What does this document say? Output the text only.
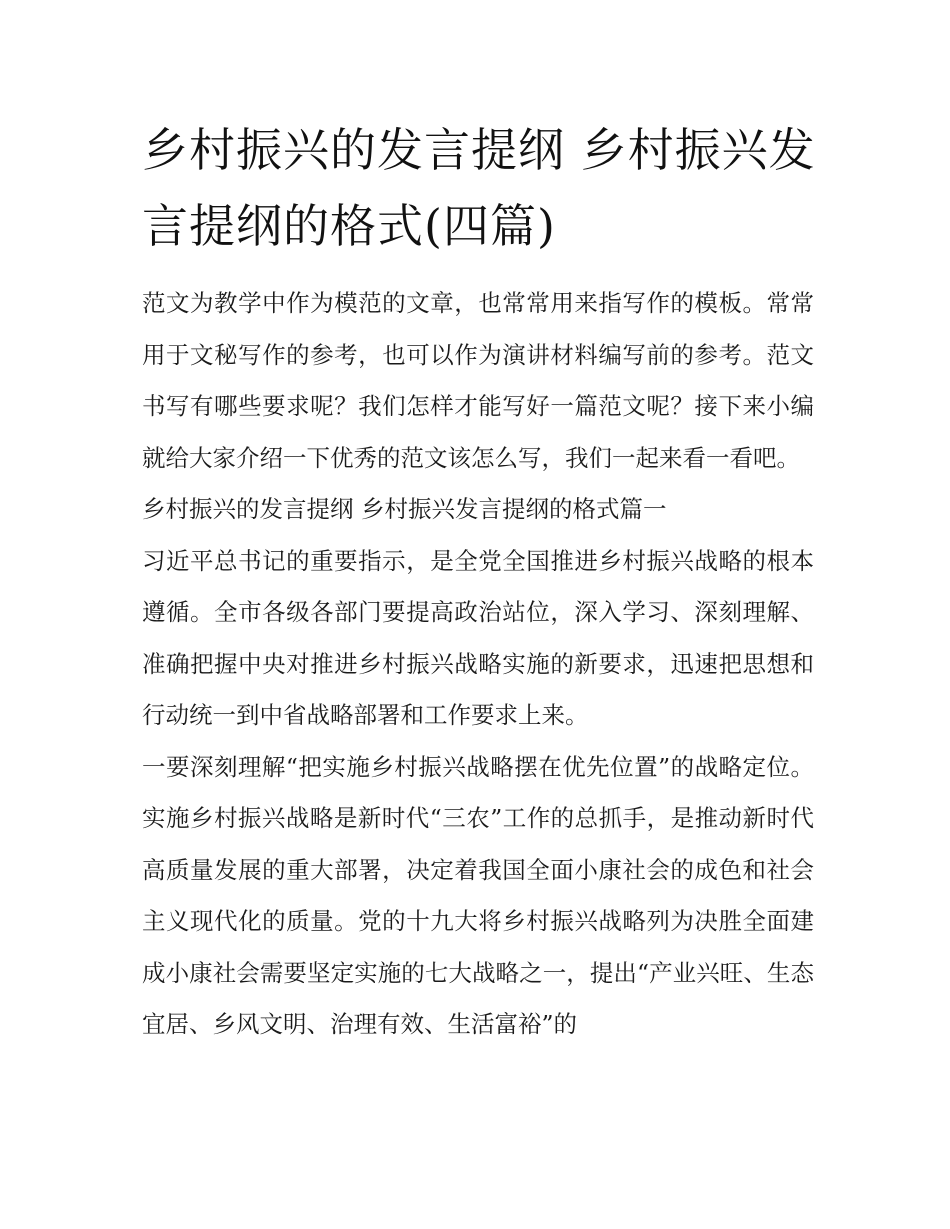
乡村振兴的发言提纲 乡村振兴发言提纲的格式(四篇)

范文为教学中作为模范的文章，也常常用来指写作的模板。常常用于文秘写作的参考，也可以作为演讲材料编写前的参考。范文书写有哪些要求呢？我们怎样才能写好一篇范文呢？接下来小编就给大家介绍一下优秀的范文该怎么写，我们一起来看一看吧。

乡村振兴的发言提纲 乡村振兴发言提纲的格式篇一

习近平总书记的重要指示，是全党全国推进乡村振兴战略的根本遵循。全市各级各部门要提高政治站位，深入学习、深刻理解、准确把握中央对推进乡村振兴战略实施的新要求，迅速把思想和行动统一到中省战略部署和工作要求上来。

一要深刻理解“把实施乡村振兴战略摆在优先位置”的战略定位。实施乡村振兴战略是新时代“三农”工作的总抓手，是推动新时代高质量发展的重大部署，决定着我国全面小康社会的成色和社会主义现代化的质量。党的十九大将乡村振兴战略列为决胜全面建成小康社会需要坚定实施的七大战略之一，提出“产业兴旺、生态宜居、乡风文明、治理有效、生活富裕”的
